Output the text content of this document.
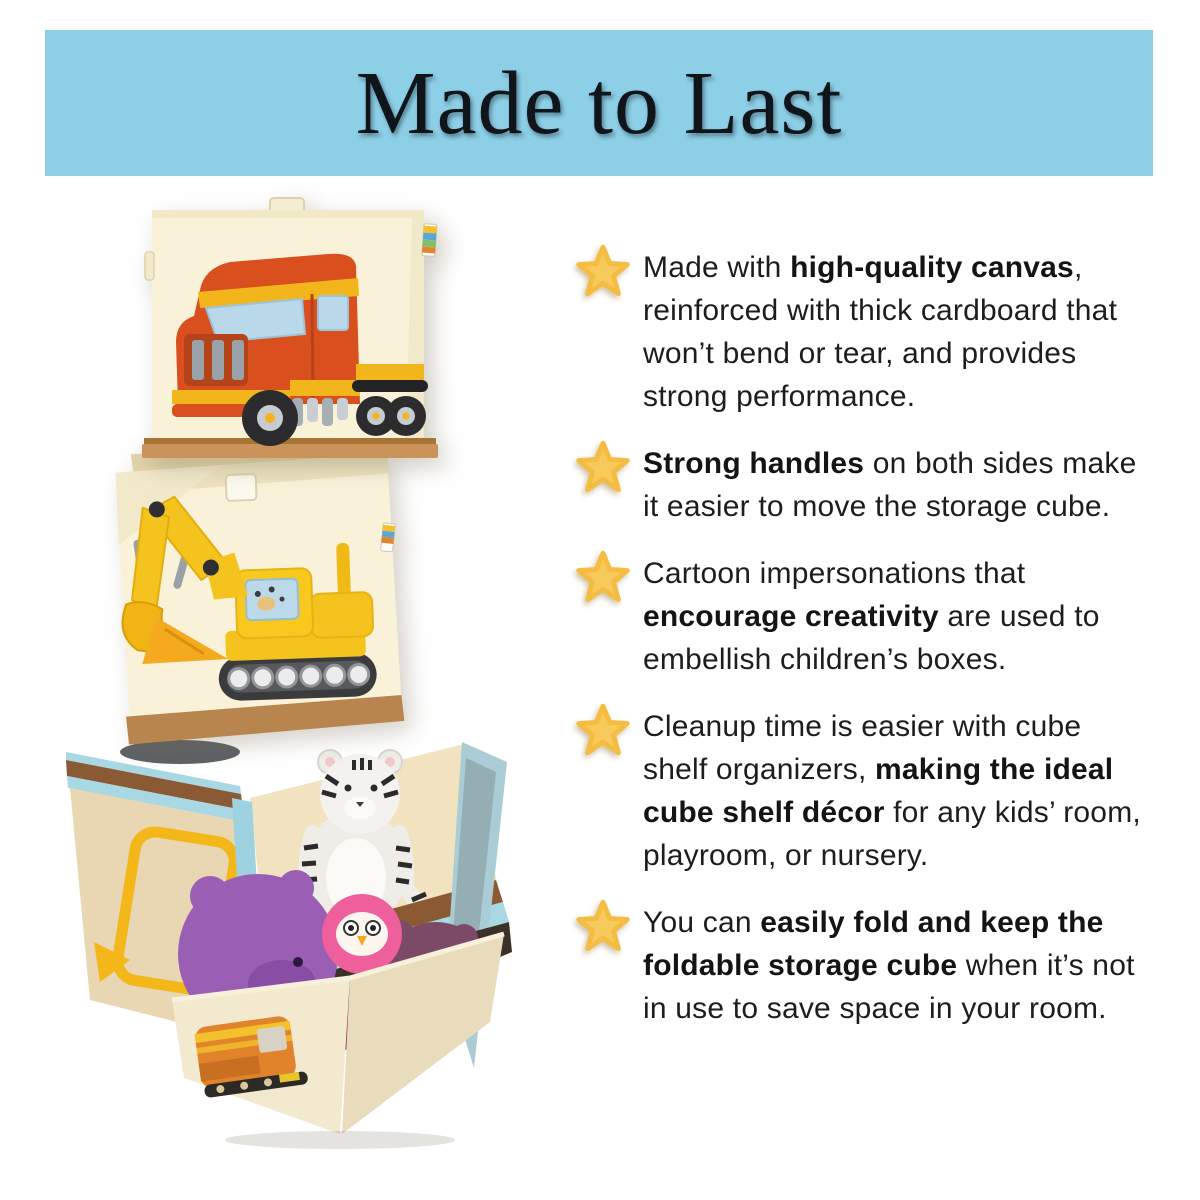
Made to Last

Made with high-quality canvas, reinforced with thick cardboard that won’t bend or tear, and provides strong performance.

Strong handles on both sides make it easier to move the storage cube.

Cartoon impersonations that encourage creativity are used to embellish children’s boxes.

Cleanup time is easier with cube shelf organizers, making the ideal cube shelf décor for any kids’ room, playroom, or nursery.

You can easily fold and keep the foldable storage cube when it’s not in use to save space in your room.
